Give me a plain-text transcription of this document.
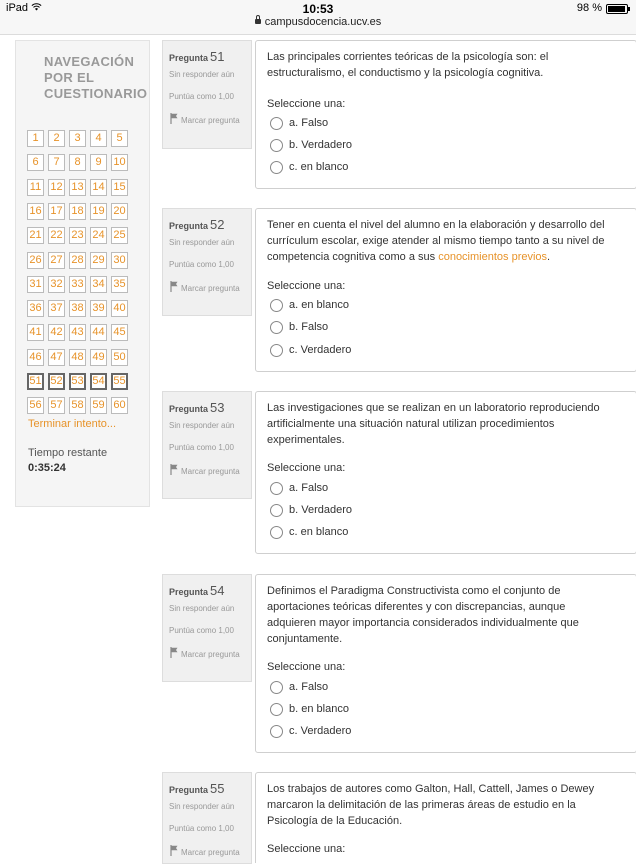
iPad	10:53	98 %
campusdocencia.ucv.es
NAVEGACIÓN POR EL CUESTIONARIO
1	2	3	4	5
6	7	8	9	10
11 12 13 14 15
16 17 18 19 20
21 22 23 24 25
26 27 28 29 30
31 32 33 34 35
36 37 38 39 40
41 42 43 44 45
46 47 48 49 50
51 52 53 54 55
56 57 58 59 60
Terminar intento...
Tiempo restante
0:35:24
Pregunta 51
Sin responder aún
Puntúa como 1,00
Marcar pregunta
Las principales corrientes teóricas de la psicología son: el estructuralismo, el conductismo y la psicología cognitiva.
Seleccione una:
a. Falso
b. Verdadero
c. en blanco
Pregunta 52
Sin responder aún
Puntúa como 1,00
Marcar pregunta
Tener en cuenta el nivel del alumno en la elaboración y desarrollo del currículum escolar, exige atender al mismo tiempo tanto a su nivel de competencia cognitiva como a sus conocimientos previos.
Seleccione una:
a. en blanco
b. Falso
c. Verdadero
Pregunta 53
Sin responder aún
Puntúa como 1,00
Marcar pregunta
Las investigaciones que se realizan en un laboratorio reproduciendo artificialmente una situación natural utilizan procedimientos experimentales.
Seleccione una:
a. Falso
b. Verdadero
c. en blanco
Pregunta 54
Sin responder aún
Puntúa como 1,00
Marcar pregunta
Definimos el Paradigma Constructivista como el conjunto de aportaciones teóricas diferentes y con discrepancias, aunque adquieren mayor importancia considerados individualmente que conjuntamente.
Seleccione una:
a. Falso
b. en blanco
c. Verdadero
Pregunta 55
Sin responder aún
Puntúa como 1,00
Marcar pregunta
Los trabajos de autores como Galton, Hall, Cattell, James o Dewey marcaron la delimitación de las primeras áreas de estudio en la Psicología de la Educación.
Seleccione una:
